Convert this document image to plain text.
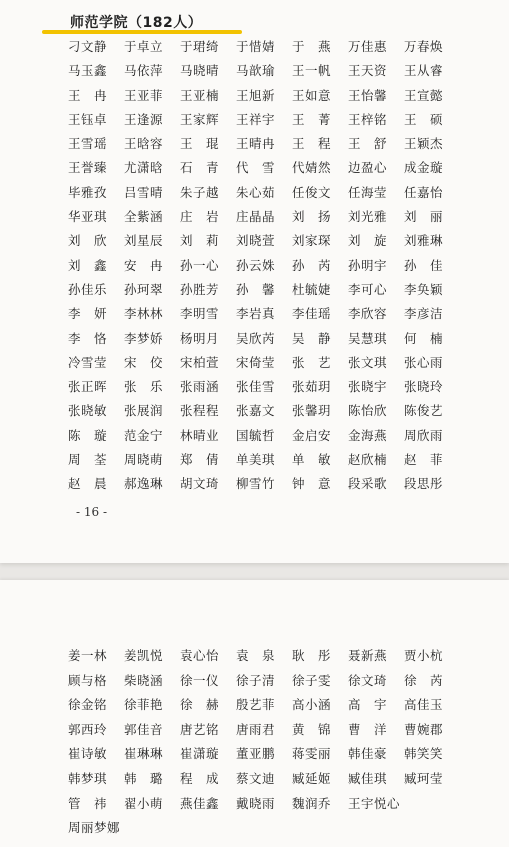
师范学院（182人）
刁文静	于卓立	于珺绮	于惜婧	于　燕	万佳惠	万春焕
马玉鑫	马依萍	马晓晴	马歆瑜	王一帆	王天资	王从睿
王　冉	王亚菲	王亚楠	王旭新	王如意	王怡馨	王宣懿
王钰卓	王逢源	王家辉	王祥宇	王　菁	王梓铭	王　硕
王雪瑶	王晗容	王　琨	王晴冉	王　程	王　舒	王颖杰
王誉臻	尤潇晗	石　青	代　雪	代婧然	边盈心	成金璇
毕雅孜	吕雪晴	朱子越	朱心茹	任俊文	任海莹	任嘉怡
华亚琪	全紫涵	庄　岩	庄晶晶	刘　扬	刘光雅	刘　丽
刘　欣	刘星辰	刘　莉	刘晓萱	刘家琛	刘　旋	刘雅琳
刘　鑫	安　冉	孙一心	孙云姝	孙　芮	孙明宇	孙　佳
孙佳乐	孙珂翠	孙胜芳	孙　馨	杜毓婕	李可心	李奂颖
李　妍	李林林	李明雪	李岩真	李佳瑶	李欣容	李彦洁
李　恪	李梦娇	杨明月	吴欣芮	吴　静	吴慧琪	何　楠
冷雪莹	宋　佼	宋柏萱	宋倚莹	张　艺	张文琪	张心雨
张正晖	张　乐	张雨涵	张佳雪	张茹玥	张晓宇	张晓玲
张晓敏	张展润	张程程	张嘉文	张馨玥	陈怡欣	陈俊艺
陈　璇	范金宁	林晴业	国毓哲	金启安	金海燕	周欣雨
周　荃	周晓萌	郑　倩	单美琪	单　敏	赵欣楠	赵　菲
赵　晨	郝逸琳	胡文琦	柳雪竹	钟　意	段采歌	段思彤
- 16 -
姜一林	姜凯悦	袁心怡	袁　泉	耿　彤	聂新燕	贾小杭
顾与格	柴晓涵	徐一仪	徐子清	徐子雯	徐文琦	徐　芮
徐金铭	徐菲艳	徐　赫	殷艺菲	高小涵	高　宇	高佳玉
郭西玲	郭佳音	唐艺铭	唐雨君	黄　锦	曹　洋	曹婉郡
崔诗敏	崔琳琳	崔潇璇	董亚鹏	蒋雯丽	韩佳豪	韩笑笑
韩梦琪	韩　璐	程　成	蔡文迪	臧延姬	臧佳琪	臧珂莹
管　祎	翟小萌	燕佳鑫	戴晓雨	魏润乔	王宇悦心
周丽梦娜
